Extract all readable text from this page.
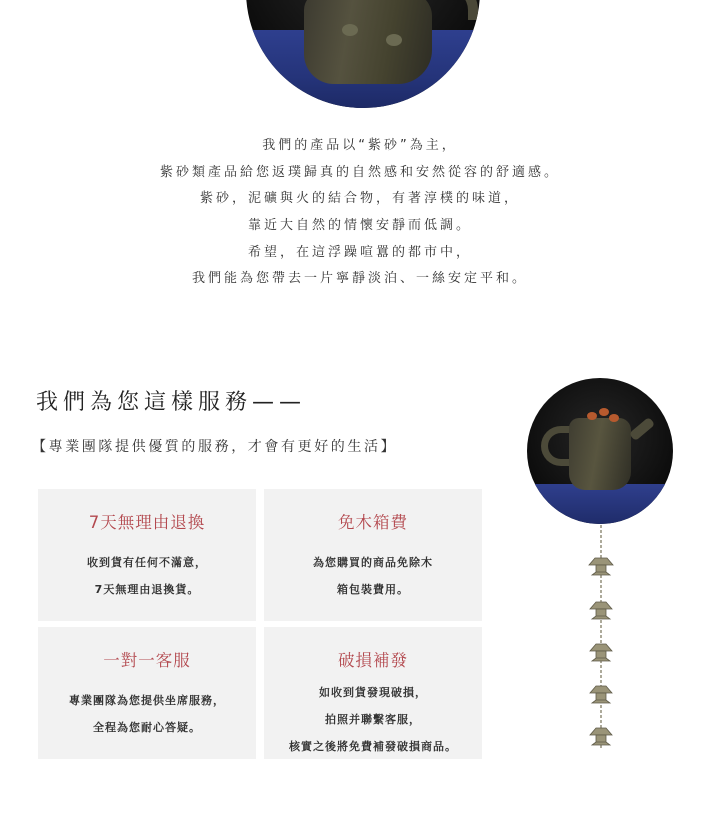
我們的產品以“紫砂”為主，

紫砂類產品給您返璞歸真的自然感和安然從容的舒適感。

紫砂，泥礦與火的結合物，有著淳樸的味道，

靠近大自然的情懷安靜而低調。

希望，在這浮躁喧囂的都市中，

我們能為您帶去一片寧靜淡泊、一絲安定平和。

我們為您這樣服務——
【專業團隊提供優質的服務，才會有更好的生活】
7天無理由退換
收到貨有任何不滿意，
7天無理由退換貨。
免木箱費
為您購買的商品免除木
箱包裝費用。
一對一客服
專業團隊為您提供坐席服務，
全程為您耐心答疑。
破損補發
如收到貨發現破損，
拍照并聯繫客服，
核實之後將免費補發破損商品。
